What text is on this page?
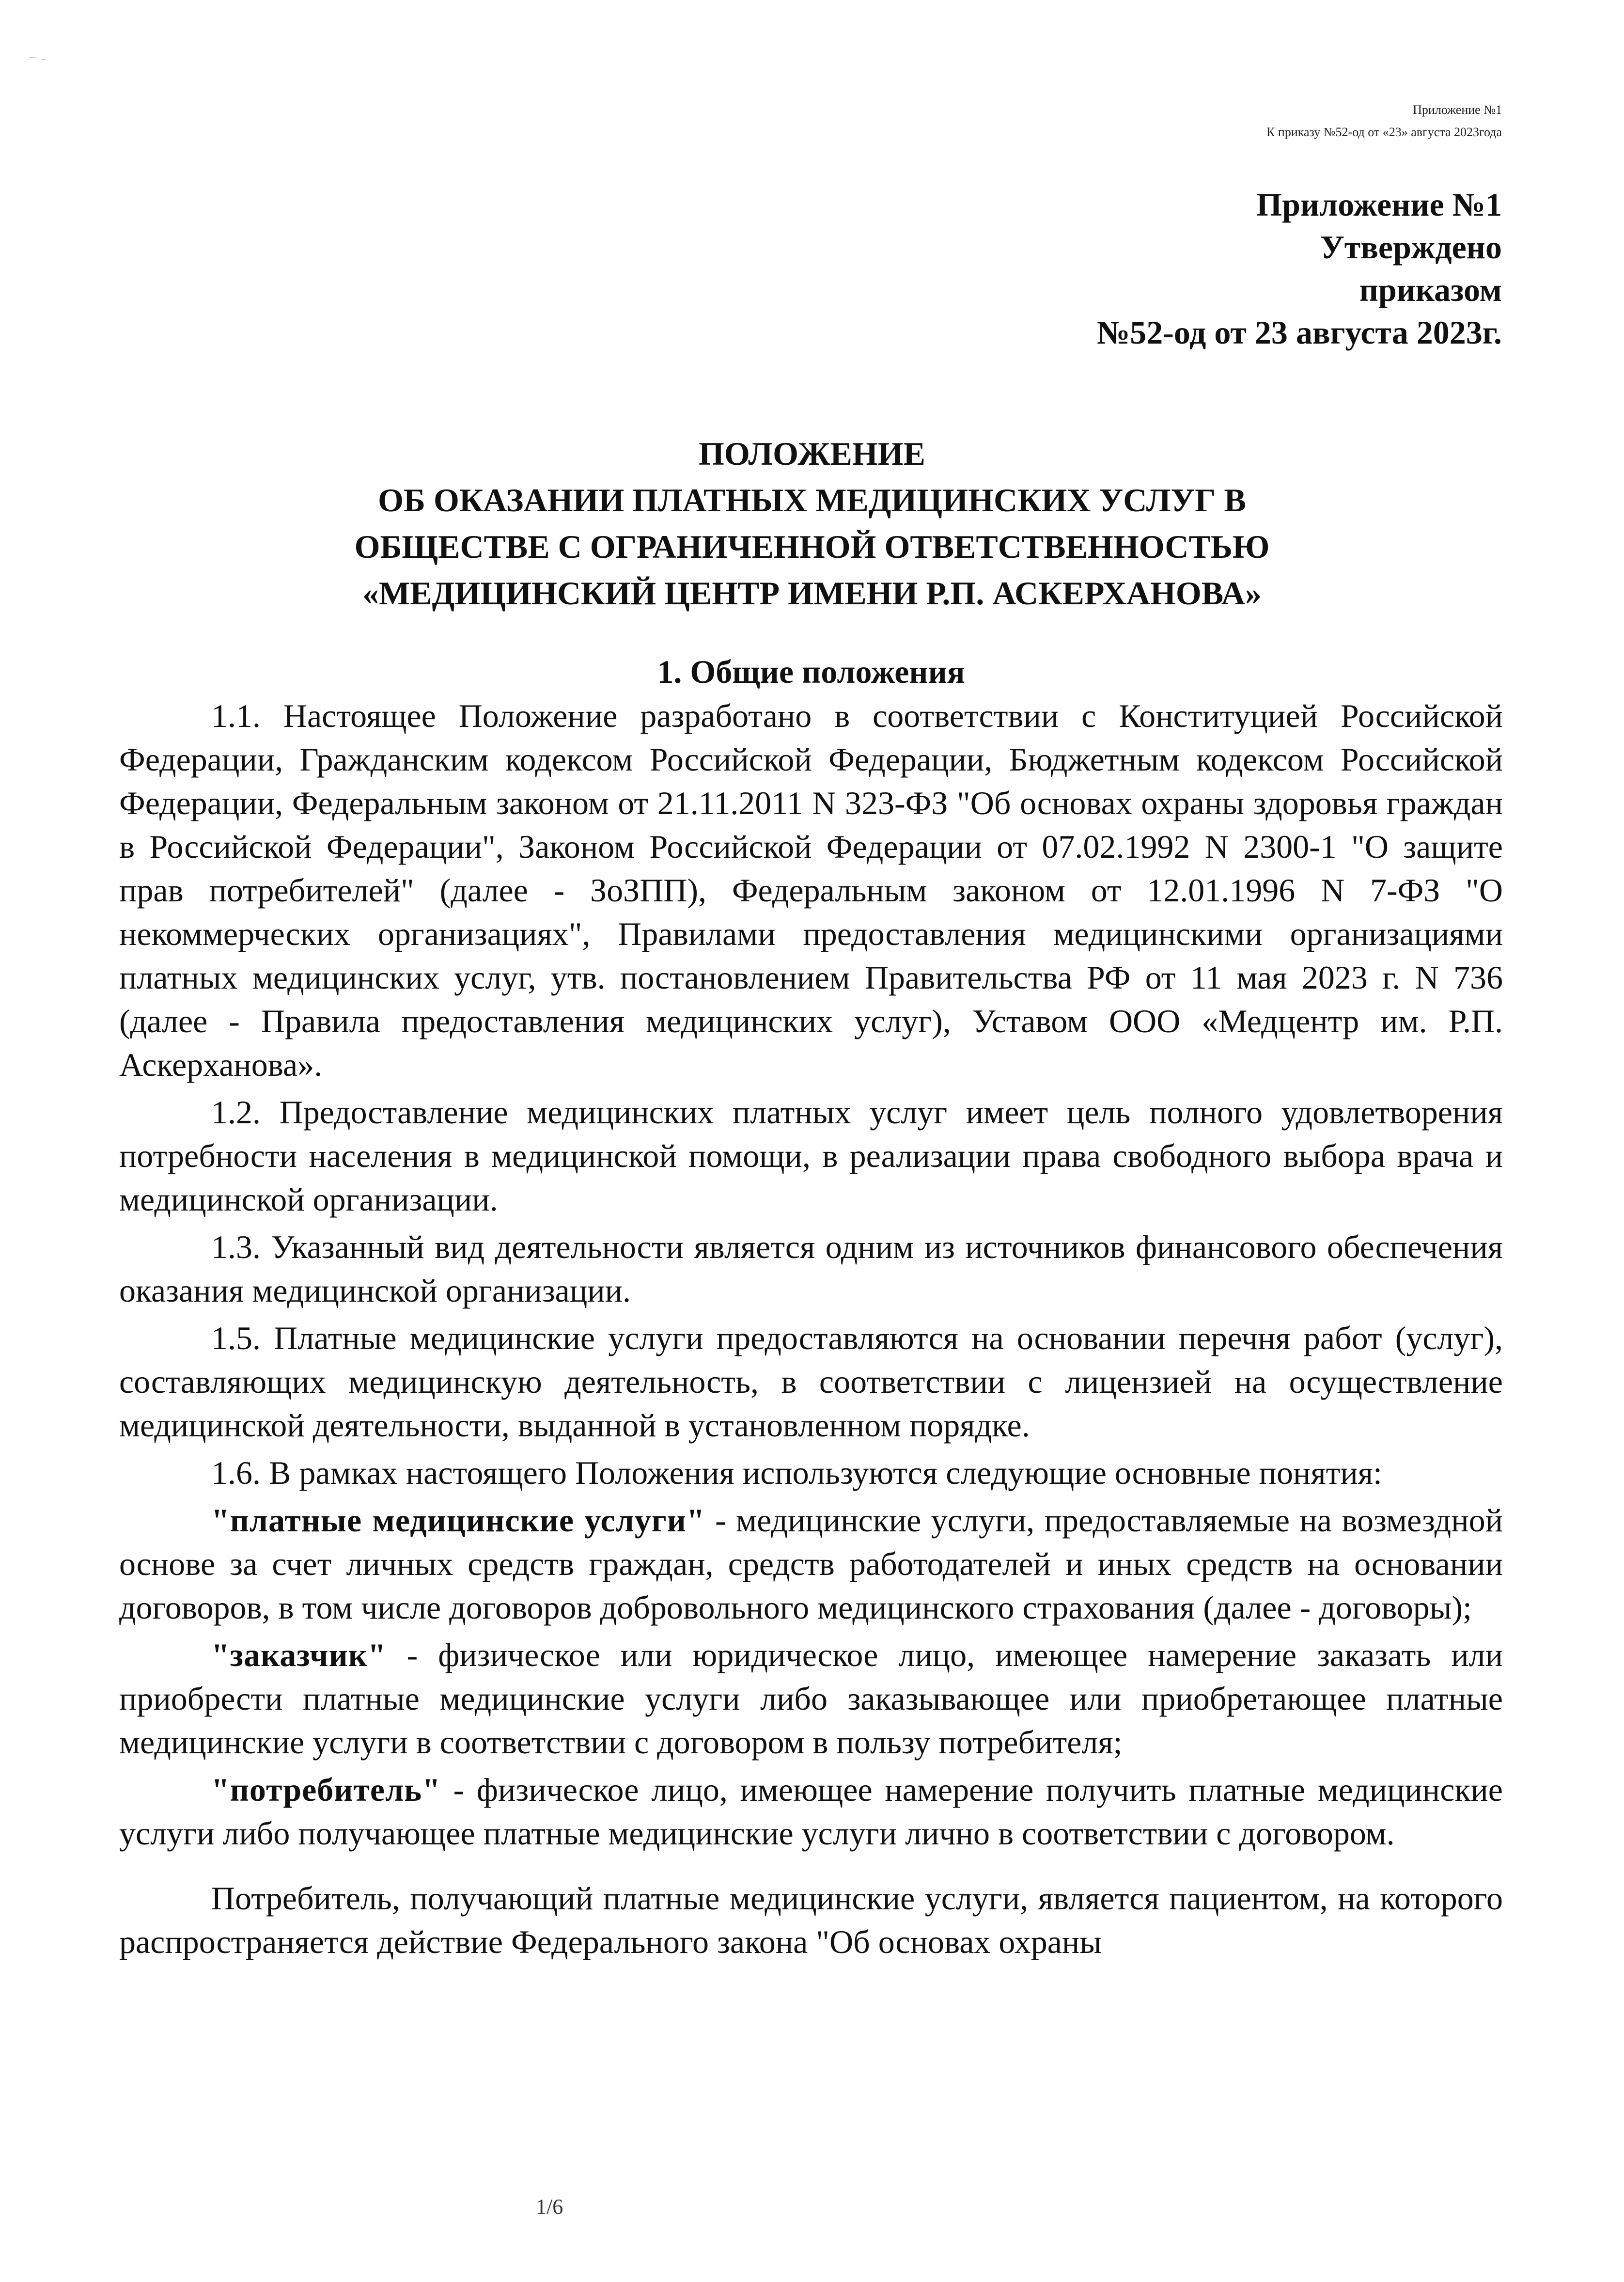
Приложение №1
К приказу №52-од от «23» августа 2023года
Приложение №1
Утверждено
приказом
№52-од от 23 августа 2023г.
ПОЛОЖЕНИЕ
ОБ ОКАЗАНИИ ПЛАТНЫХ МЕДИЦИНСКИХ УСЛУГ В
ОБЩЕСТВЕ С ОГРАНИЧЕННОЙ ОТВЕТСТВЕННОСТЬЮ
«МЕДИЦИНСКИЙ ЦЕНТР ИМЕНИ Р.П. АСКЕРХАНОВА»
1. Общие положения

1.1. Настоящее Положение разработано в соответствии с Конституцией Российской Федерации, Гражданским кодексом Российской Федерации, Бюджетным кодексом Российской Федерации, Федеральным законом от 21.11.2011 N 323-ФЗ "Об основах охраны здоровья граждан в Российской Федерации", Законом Российской Федерации от 07.02.1992 N 2300-1 "О защите прав потребителей" (далее - ЗоЗПП), Федеральным законом от 12.01.1996 N 7-ФЗ "О некоммерческих организациях", Правилами предоставления медицинскими организациями платных медицинских услуг, утв. постановлением Правительства РФ от 11 мая 2023 г. N 736 (далее - Правила предоставления медицинских услуг), Уставом ООО «Медцентр им. Р.П. Аскерханова».

1.2. Предоставление медицинских платных услуг имеет цель полного удовлетворения потребности населения в медицинской помощи, в реализации права свободного выбора врача и медицинской организации.

1.3. Указанный вид деятельности является одним из источников финансового обеспечения оказания медицинской организации.

1.5. Платные медицинские услуги предоставляются на основании перечня работ (услуг), составляющих медицинскую деятельность, в соответствии с лицензией на осуществление медицинской деятельности, выданной в установленном порядке.

1.6. В рамках настоящего Положения используются следующие основные понятия:

"платные медицинские услуги" - медицинские услуги, предоставляемые на возмездной основе за счет личных средств граждан, средств работодателей и иных средств на основании договоров, в том числе договоров добровольного медицинского страхования (далее - договоры);

"заказчик" - физическое или юридическое лицо, имеющее намерение заказать или приобрести платные медицинские услуги либо заказывающее или приобретающее платные медицинские услуги в соответствии с договором в пользу потребителя;

"потребитель" - физическое лицо, имеющее намерение получить платные медицинские услуги либо получающее платные медицинские услуги лично в соответствии с договором.

Потребитель, получающий платные медицинские услуги, является пациентом, на которого распространяется действие Федерального закона "Об основах охраны

1/6
